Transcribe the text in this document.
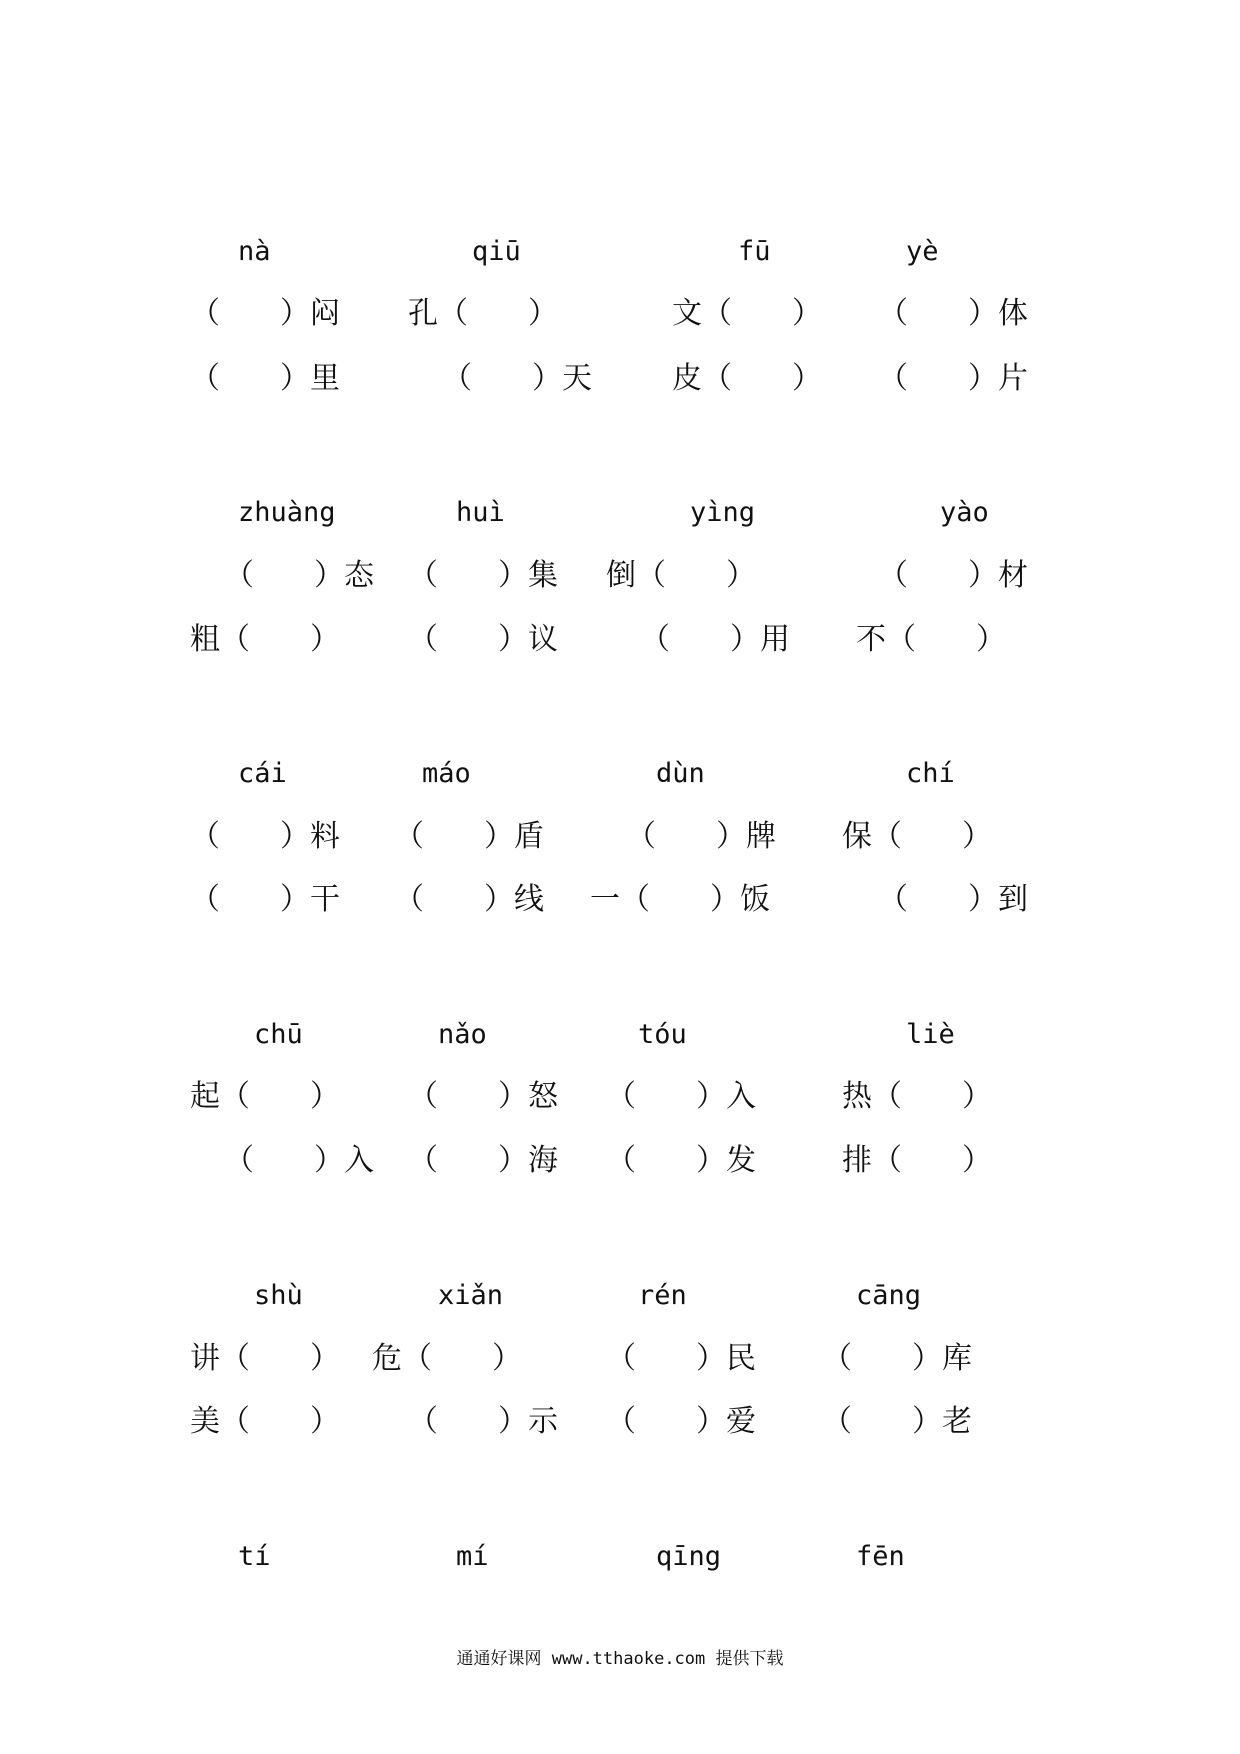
nà	qiū	fū	yè
（　　）闷 孔（　　）	文（　　） （　　）体
（　　）里	（　　）天	皮（　　） （　　）片
zhuàng	huì	yìng	yào
（　　）态 （　　）集 倒（　　）	（　　）材
粗（　　） （　　）议	（　　）用 不（　　）
cái	máo	dùn	chí
（　　）料 （　　）盾	（　　）牌 保（　　）
（　　）干 （　　）线 一（　　）饭	（　　）到
chū	nǎo	tóu	liè
起（　　） （　　）怒 （　　）入	热（　　）
（　　）入 （　　）海 （　　）发	排（　　）
shù	xiǎn	rén	cāng
讲（　　） 危（　　）	（　　）民 （　　）库
美（　　） （　　）示 （　　）爱 （　　）老
tí	mí	qīng	fēn
通通好课网 www.tthaoke.com 提供下载
